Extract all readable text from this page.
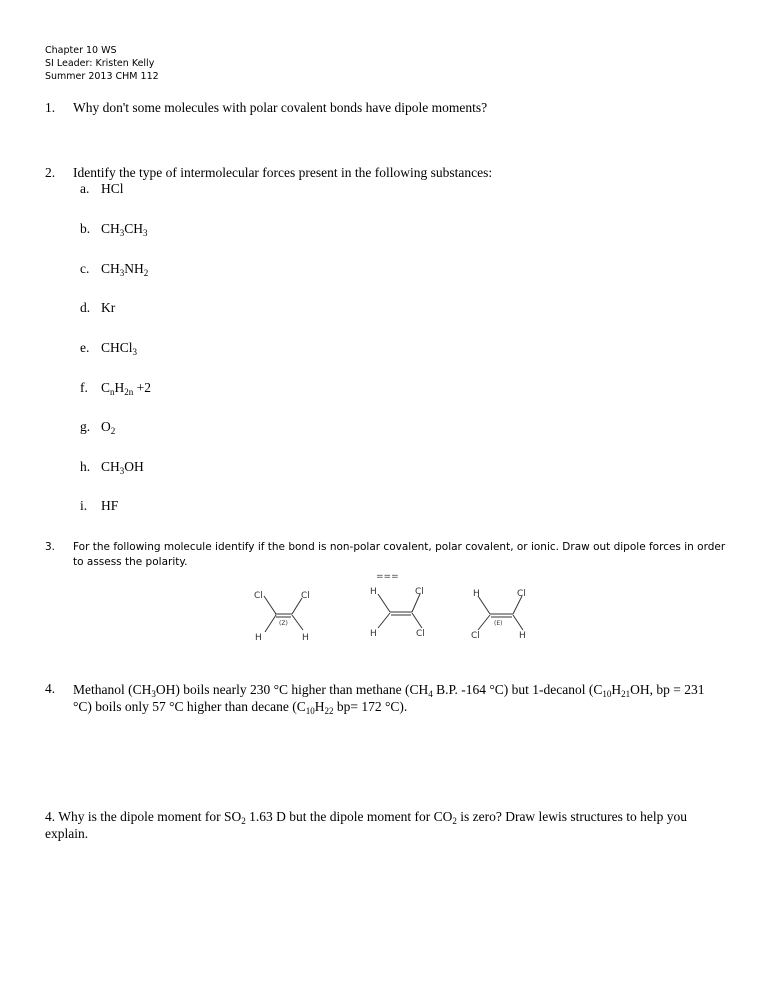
Chapter 10 WS
SI Leader: Kristen Kelly
Summer 2013 CHM 112
1. Why don't some molecules with polar covalent bonds have dipole moments?
2. Identify the type of intermolecular forces present in the following substances:
a. HCl
b. $CH_3CH_3$
c. $CH_3NH_2$
d. Kr
e. CHCl$_3$
f. $C_nH_{2n} +2$
g. $O_2$
h. $CH_3OH$
i. HF
3. For the following molecule identify if the bond is non-polar covalent, polar covalent, or ionic. Draw out dipole forces in order to assess the polarity.
===
Cl	Cl
H	H
(Z)
H	Cl
H	Cl
H	Cl
Cl	H
(E)
4. Methanol $(CH_3OH)$ boils nearly 230 °C higher than methane ($CH_4$ B.P. -164 °C) but 1-decanol ($C_{10}H_{21}OH$, bp = 231
°C) boils only 57 °C higher than decane ($C_{10}H_{22}$ bp= 172 °C).
4. Why is the dipole moment for $SO_2$ 1.63 D but the dipole moment for $CO_2$ is zero? Draw lewis structures to help you
explain.
